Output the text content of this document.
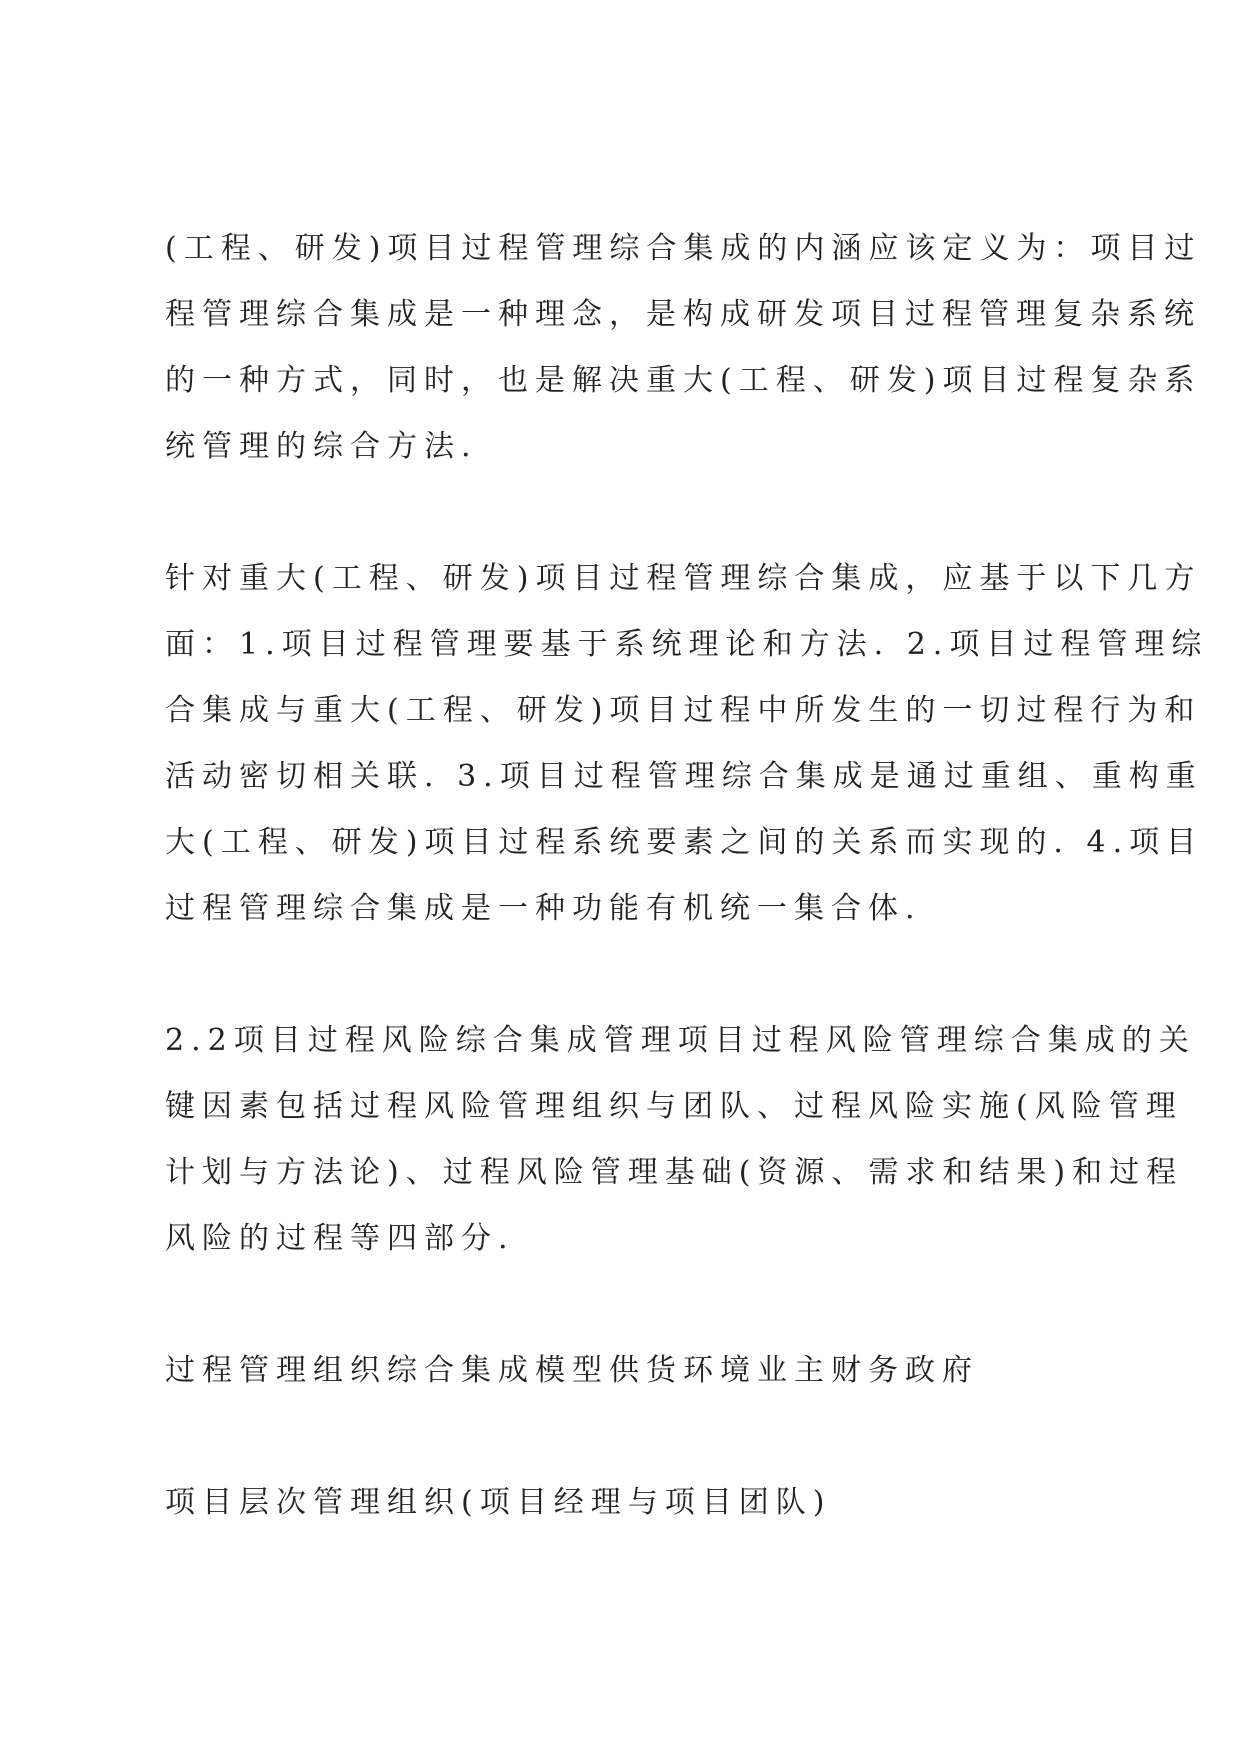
(工程、研发)项目过程管理综合集成的内涵应该定义为：项目过
程管理综合集成是一种理念，是构成研发项目过程管理复杂系统
的一种方式，同时，也是解决重大(工程、研发)项目过程复杂系
统管理的综合方法.
针对重大(工程、研发)项目过程管理综合集成，应基于以下几方
面：1.项目过程管理要基于系统理论和方法. 2.项目过程管理综
合集成与重大(工程、研发)项目过程中所发生的一切过程行为和
活动密切相关联. 3.项目过程管理综合集成是通过重组、重构重
大(工程、研发)项目过程系统要素之间的关系而实现的. 4.项目
过程管理综合集成是一种功能有机统一集合体.
2.2项目过程风险综合集成管理项目过程风险管理综合集成的关
键因素包括过程风险管理组织与团队、过程风险实施(风险管理
计划与方法论)、过程风险管理基础(资源、需求和结果)和过程
风险的过程等四部分.
过程管理组织综合集成模型供货环境业主财务政府
项目层次管理组织(项目经理与项目团队)
